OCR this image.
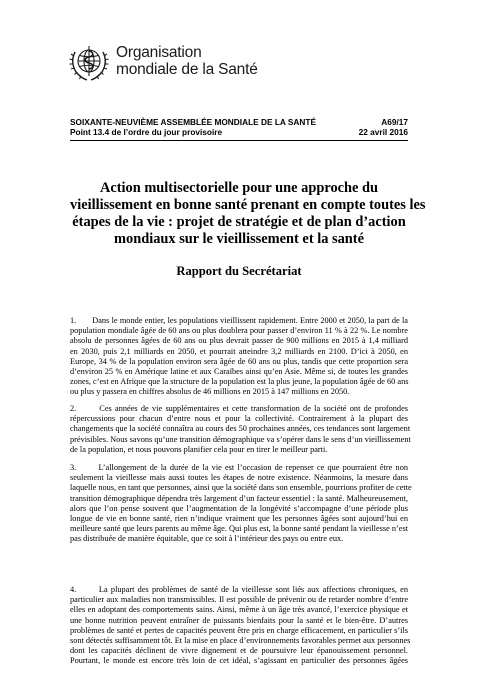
Organisation
mondiale de la Santé
SOIXANTE-NEUVIÈME ASSEMBLÉE MONDIALE DE LA SANTÉ	A69/17
Point 13.4 de l’ordre du jour provisoire	22 avril 2016
Action multisectorielle pour une approche du
vieillissement en bonne santé prenant en compte toutes les
étapes de la vie : projet de stratégie et de plan d’action
mondiaux sur le vieillissement et la santé
Rapport du Secrétariat
1.       Dans le monde entier, les populations vieillissent rapidement. Entre 2000 et 2050, la part de la
population mondiale âgée de 60 ans ou plus doublera pour passer d’environ 11 % à 22 %. Le nombre
absolu de personnes âgées de 60 ans ou plus devrait passer de 900 millions en 2015 à 1,4 milliard
en 2030, puis 2,1 milliards en 2050, et pourrait atteindre 3,2 milliards en 2100. D’ici à 2050, en
Europe, 34 % de la population environ sera âgée de 60 ans ou plus, tandis que cette proportion sera
d’environ 25 % en Amérique latine et aux Caraïbes ainsi qu’en Asie. Même si, de toutes les grandes
zones, c’est en Afrique que la structure de la population est la plus jeune, la population âgée de 60 ans
ou plus y passera en chiffres absolus de 46 millions en 2015 à 147 millions en 2050.
2.       Ces années de vie supplémentaires et cette transformation de la société ont de profondes
répercussions pour chacun d’entre nous et pour la collectivité. Contrairement à la plupart des
changements que la société connaîtra au cours des 50 prochaines années, ces tendances sont largement
prévisibles. Nous savons qu’une transition démographique va s’opérer dans le sens d’un vieillissement
de la population, et nous pouvons planifier cela pour en tirer le meilleur parti.
3.       L’allongement de la durée de la vie est l’occasion de repenser ce que pourraient être non
seulement la vieillesse mais aussi toutes les étapes de notre existence. Néanmoins, la mesure dans
laquelle nous, en tant que personnes, ainsi que la société dans son ensemble, pourrions profiter de cette
transition démographique dépendra très largement d’un facteur essentiel : la santé. Malheureusement,
alors que l’on pense souvent que l’augmentation de la longévité s’accompagne d’une période plus
longue de vie en bonne santé, rien n’indique vraiment que les personnes âgées sont aujourd’hui en
meilleure santé que leurs parents au même âge. Qui plus est, la bonne santé pendant la vieillesse n’est
pas distribuée de manière équitable, que ce soit à l’intérieur des pays ou entre eux.
4.       La plupart des problèmes de santé de la vieillesse sont liés aux affections chroniques, en
particulier aux maladies non transmissibles. Il est possible de prévenir ou de retarder nombre d’entre
elles en adoptant des comportements sains. Ainsi, même à un âge très avancé, l’exercice physique et
une bonne nutrition peuvent entraîner de puissants bienfaits pour la santé et le bien-être. D’autres
problèmes de santé et pertes de capacités peuvent être pris en charge efficacement, en particulier s’ils
sont détectés suffisamment tôt. Et la mise en place d’environnements favorables permet aux personnes
dont les capacités déclinent de vivre dignement et de poursuivre leur épanouissement personnel.
Pourtant, le monde est encore très loin de cet idéal, s’agissant en particulier des personnes âgées
